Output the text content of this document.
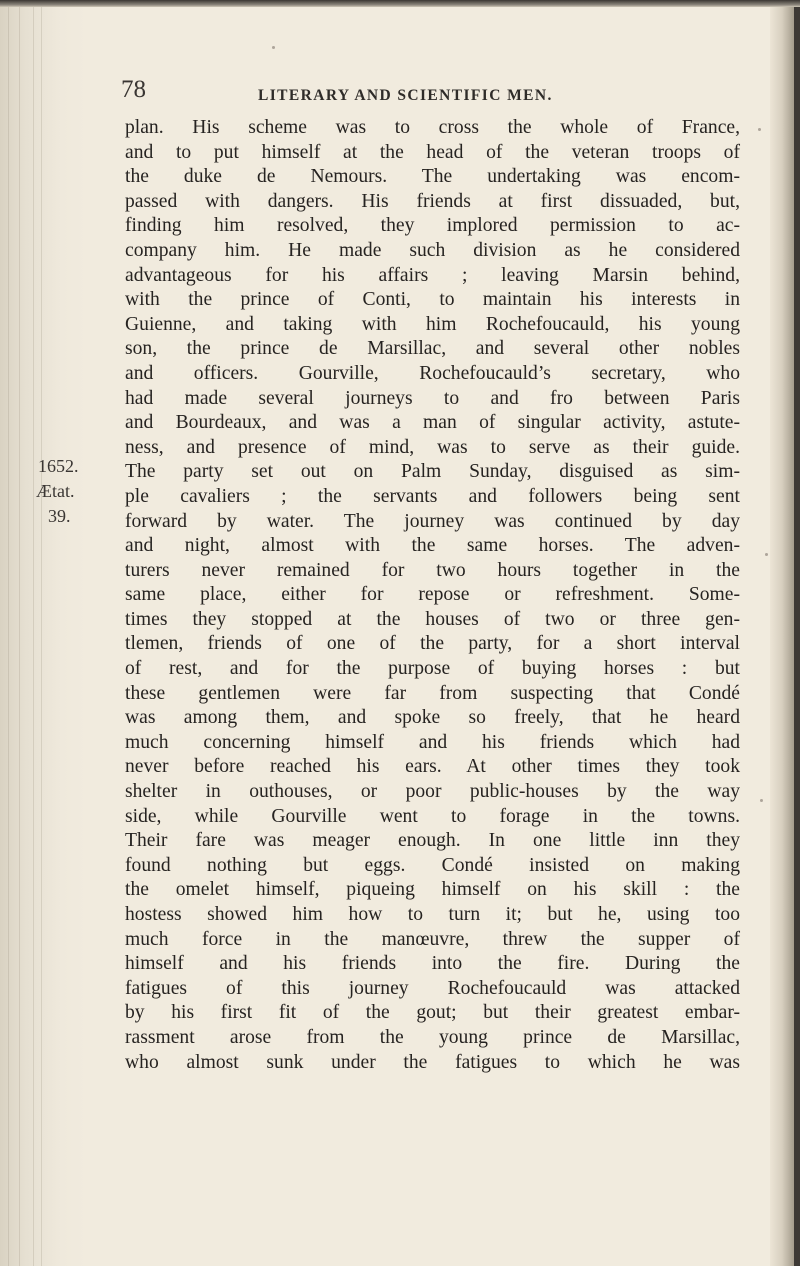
78	LITERARY AND SCIENTIFIC MEN.
1652.
Ætat.
39.
plan. His scheme was to cross the whole of France,
and to put himself at the head of the veteran troops of
the duke de Nemours. The undertaking was encom-
passed with dangers. His friends at first dissuaded, but,
finding him resolved, they implored permission to ac-
company him. He made such division as he considered
advantageous for his affairs ; leaving Marsin behind,
with the prince of Conti, to maintain his interests in
Guienne, and taking with him Rochefoucauld, his young
son, the prince de Marsillac, and several other nobles
and officers. Gourville, Rochefoucauld’s secretary, who
had made several journeys to and fro between Paris
and Bourdeaux, and was a man of singular activity, astute-
ness, and presence of mind, was to serve as their guide.
The party set out on Palm Sunday, disguised as sim-
ple cavaliers ; the servants and followers being sent
forward by water. The journey was continued by day
and night, almost with the same horses. The adven-
turers never remained for two hours together in the
same place, either for repose or refreshment. Some-
times they stopped at the houses of two or three gen-
tlemen, friends of one of the party, for a short interval
of rest, and for the purpose of buying horses : but
these gentlemen were far from suspecting that Condé
was among them, and spoke so freely, that he heard
much concerning himself and his friends which had
never before reached his ears. At other times they took
shelter in outhouses, or poor public-houses by the way
side, while Gourville went to forage in the towns.
Their fare was meager enough. In one little inn they
found nothing but eggs. Condé insisted on making
the omelet himself, piqueing himself on his skill : the
hostess showed him how to turn it; but he, using too
much force in the manœuvre, threw the supper of
himself and his friends into the fire. During the
fatigues of this journey Rochefoucauld was attacked
by his first fit of the gout; but their greatest embar-
rassment arose from the young prince de Marsillac,
who almost sunk under the fatigues to which he was
